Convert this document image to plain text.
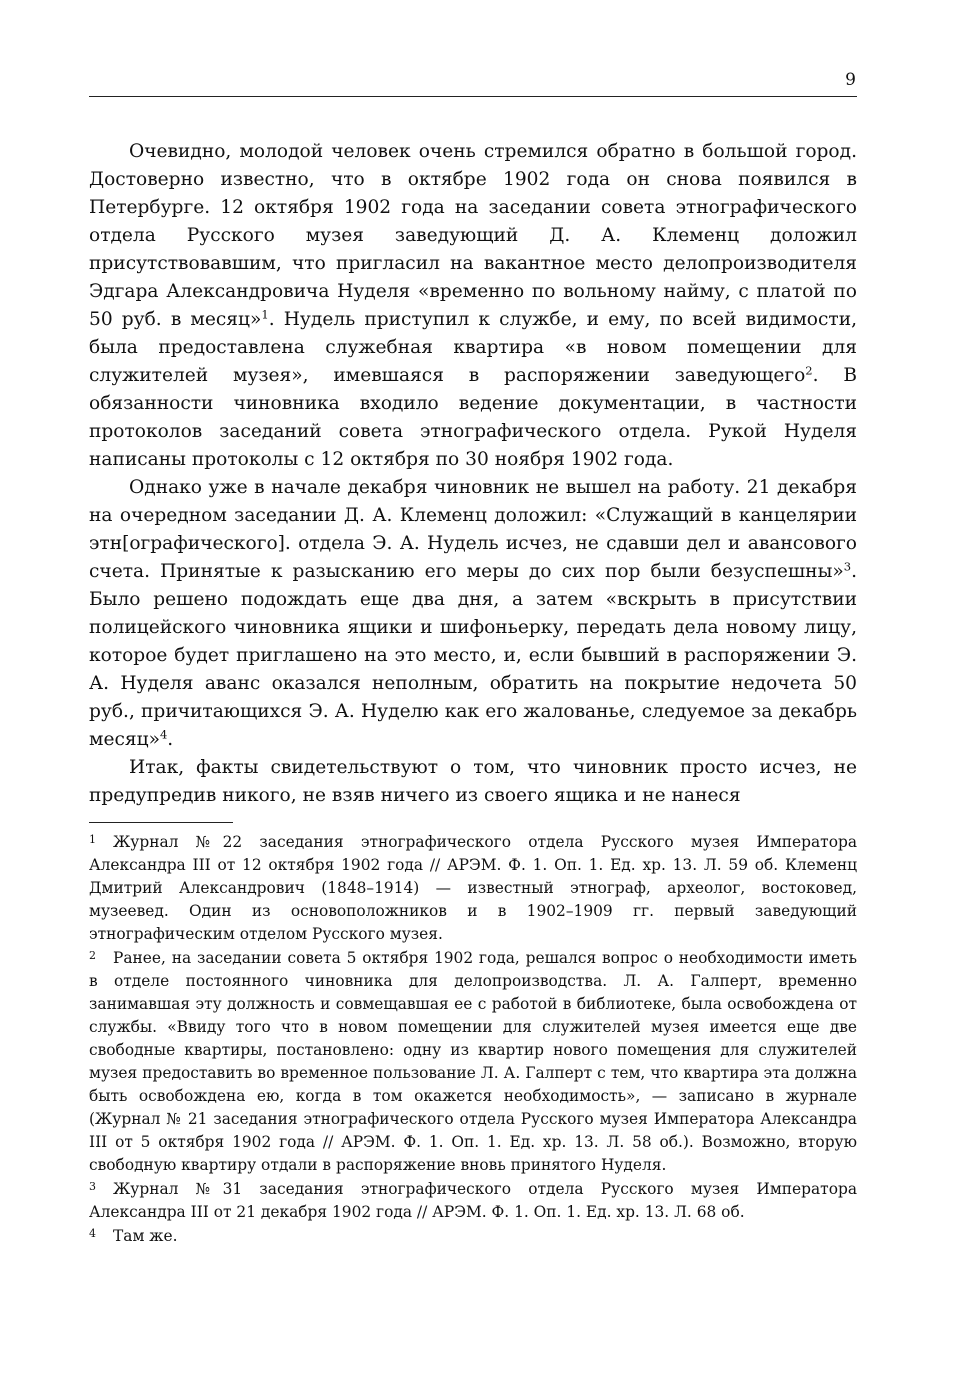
9

Очевидно, молодой человек очень стремился обратно в большой город. Достоверно известно, что в октябре 1902 года он снова появился в Петербурге. 12 октября 1902 года на заседании совета этнографического отдела Русского музея заведующий Д. А. Клеменц доложил присутствовавшим, что пригласил на вакантное место делопроизводителя Эдгара Александровича Нуделя «временно по вольному найму, с платой по 50 руб. в месяц»$^1$. Нудель приступил к службе, и ему, по всей видимости, была предоставлена служебная квартира «в новом помещении для служителей музея», имевшаяся в распоряжении заведующего$^2$. В обязанности чиновника входило ведение документации, в частности протоколов заседаний совета этнографического отдела. Рукой Нуделя написаны протоколы с 12 октября по 30 ноября 1902 года.

Однако уже в начале декабря чиновник не вышел на работу. 21 декабря на очередном заседании Д. А. Клеменц доложил: «Служащий в канцелярии этн[ографического]. отдела Э. А. Нудель исчез, не сдавши дел и авансового счета. Принятые к разысканию его меры до сих пор были безуспешны»$^3$. Было решено подождать еще два дня, а затем «вскрыть в присутствии полицейского чиновника ящики и шифоньерку, передать дела новому лицу, которое будет приглашено на это место, и, если бывший в распоряжении Э. А. Нуделя аванс оказался неполным, обратить на покрытие недочета 50 руб., причитающихся Э. А. Нуделю как его жалованье, следуемое за декабрь месяц»$^4$.

Итак, факты свидетельствуют о том, что чиновник просто исчез, не предупредив никого, не взяв ничего из своего ящика и не нанеся

1 Журнал №22 заседания этнографического отдела Русского музея Императора Александра III от 12 октября 1902 года // АРЭМ. Ф. 1. Оп. 1. Ед. хр. 13. Л. 59 об. Клеменц Дмитрий Александрович (1848–1914) — известный этнограф, археолог, востоковед, музеевед. Один из основоположников и в 1902–1909 гг. первый заведующий этнографическим отделом Русского музея.
2 Ранее, на заседании совета 5 октября 1902 года, решался вопрос о необходимости иметь в отделе постоянного чиновника для делопроизводства. Л. А. Галперт, временно занимавшая эту должность и совмещавшая ее с работой в библиотеке, была освобождена от службы. «Ввиду того что в новом помещении для служителей музея имеется еще две свободные квартиры, постановлено: одну из квартир нового помещения для служителей музея предоставить во временное пользование Л. А. Галперт с тем, что квартира эта должна быть освобождена ею, когда в том окажется необходимость», — записано в журнале (Журнал № 21 заседания этнографического отдела Русского музея Императора Александра III от 5 октября 1902 года // АРЭМ. Ф. 1. Оп. 1. Ед. хр. 13. Л. 58 об.). Возможно, вторую свободную квартиру отдали в распоряжение вновь принятого Нуделя.
3 Журнал №31 заседания этнографического отдела Русского музея Императора Александра III от 21 декабря 1902 года // АРЭМ. Ф. 1. Оп. 1. Ед. хр. 13. Л. 68 об.
4 Там же.
